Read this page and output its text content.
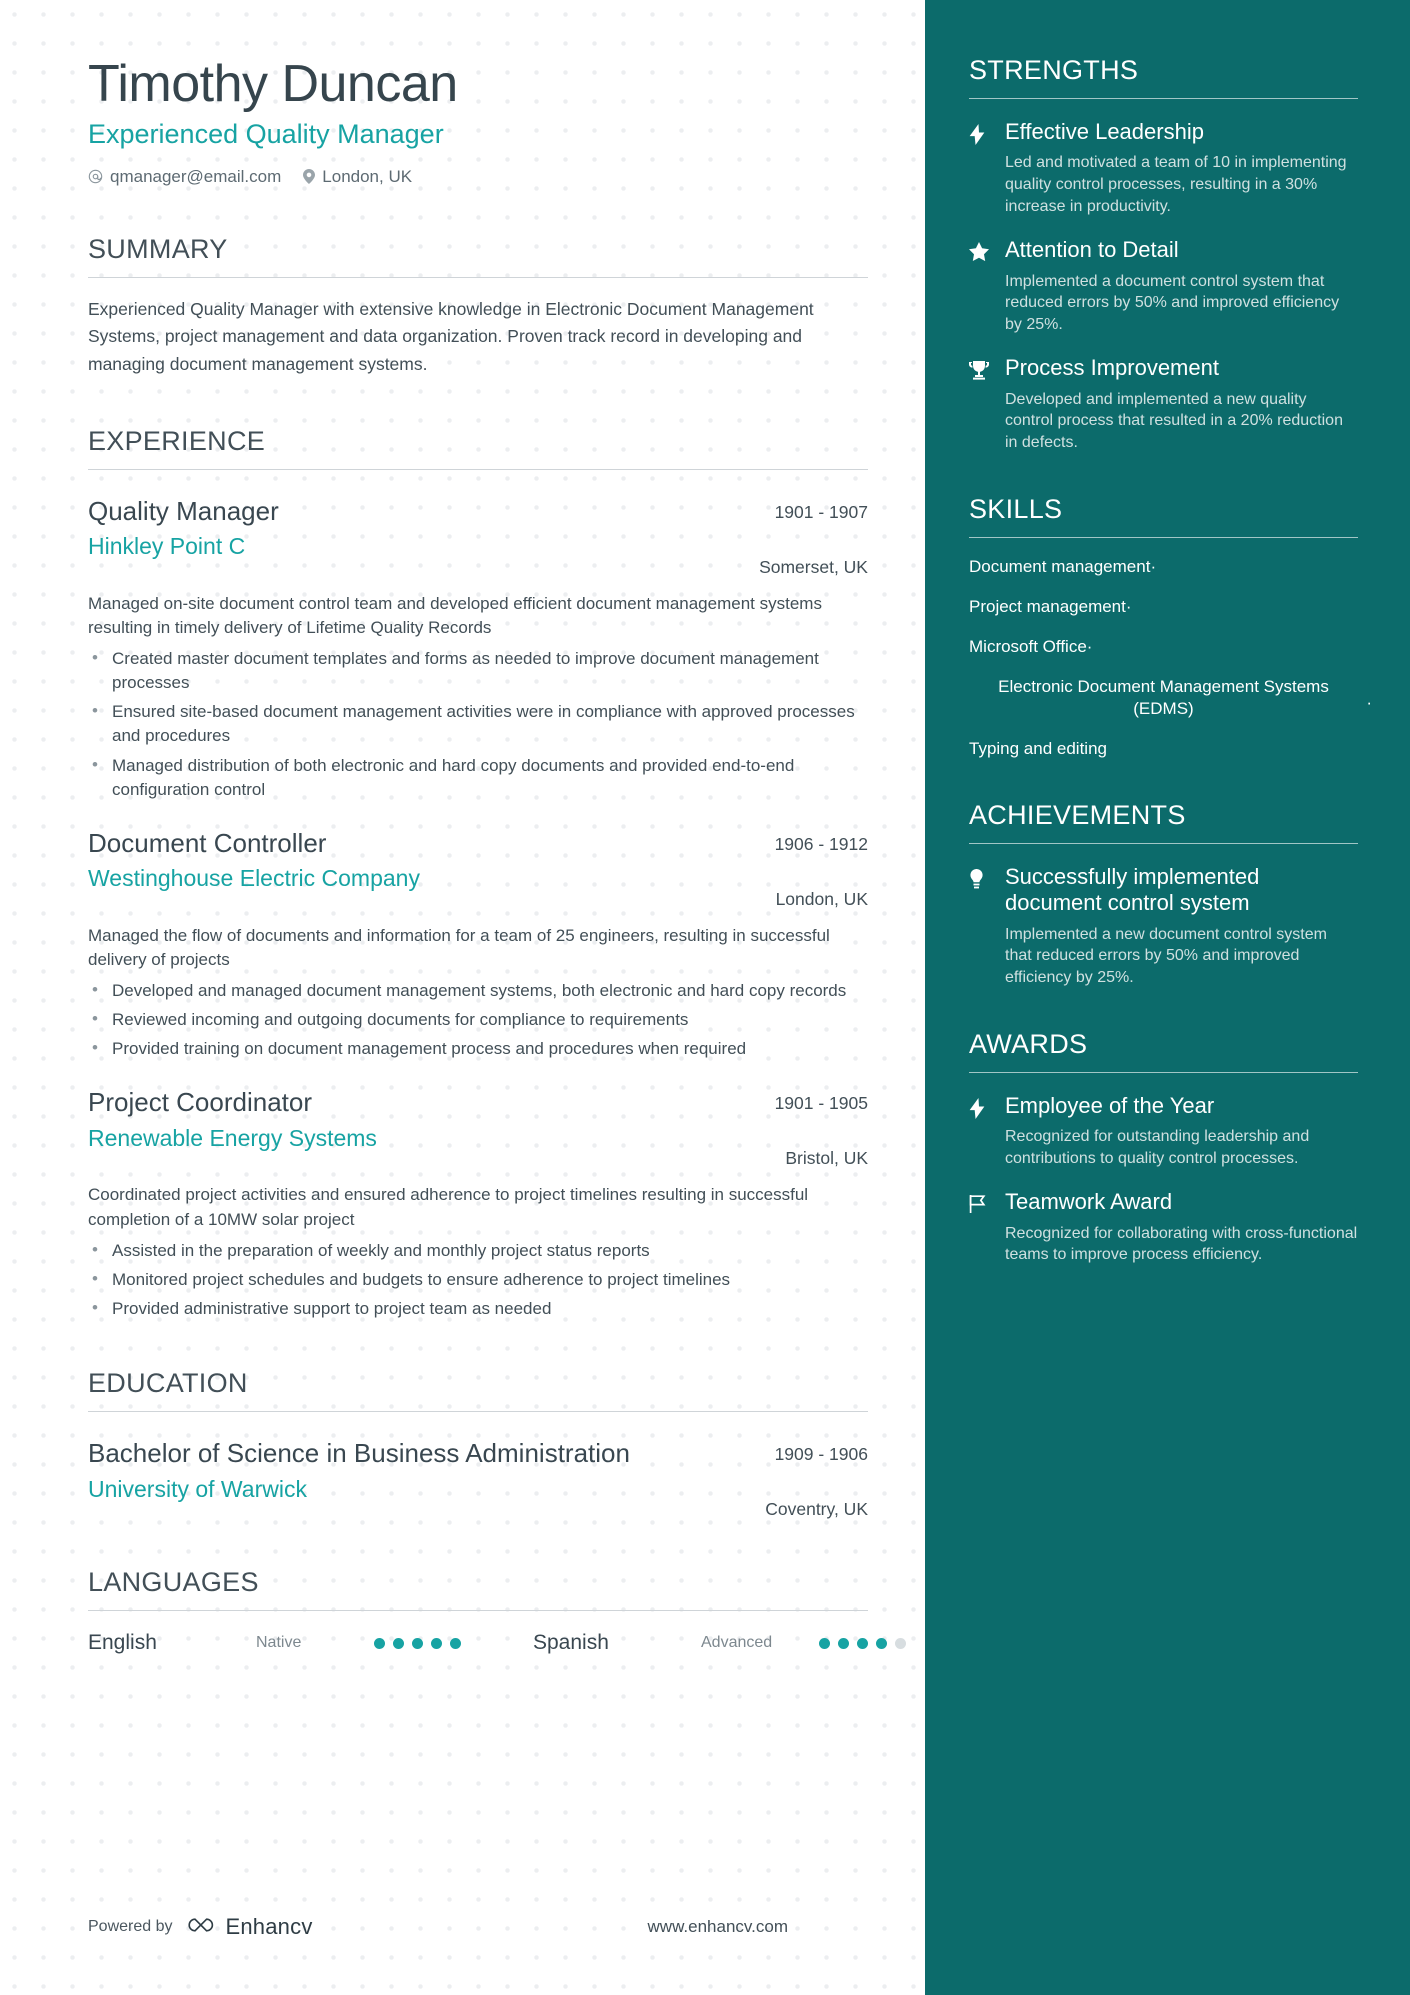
Timothy Duncan
Experienced Quality Manager
qmanager@email.com London, UK
SUMMARY
Experienced Quality Manager with extensive knowledge in Electronic Document Management Systems, project management and data organization. Proven track record in developing and managing document management systems.
EXPERIENCE
Quality Manager
Hinkley Point C
1901 - 1907
Somerset, UK
Managed on-site document control team and developed efficient document management systems resulting in timely delivery of Lifetime Quality Records
• Created master document templates and forms as needed to improve document management processes
• Ensured site-based document management activities were in compliance with approved processes and procedures
• Managed distribution of both electronic and hard copy documents and provided end-to-end configuration control
Document Controller
Westinghouse Electric Company
1906 - 1912
London, UK
Managed the flow of documents and information for a team of 25 engineers, resulting in successful delivery of projects
• Developed and managed document management systems, both electronic and hard copy records
• Reviewed incoming and outgoing documents for compliance to requirements
• Provided training on document management process and procedures when required
Project Coordinator
Renewable Energy Systems
1901 - 1905
Bristol, UK
Coordinated project activities and ensured adherence to project timelines resulting in successful completion of a 10MW solar project
• Assisted in the preparation of weekly and monthly project status reports
• Monitored project schedules and budgets to ensure adherence to project timelines
• Provided administrative support to project team as needed
EDUCATION
Bachelor of Science in Business Administration
University of Warwick
1909 - 1906
Coventry, UK
LANGUAGES
English	Native	Spanish	Advanced
Powered by Enhancv	www.enhancv.com
STRENGTHS
Effective Leadership
Led and motivated a team of 10 in implementing quality control processes, resulting in a 30% increase in productivity.
Attention to Detail
Implemented a document control system that reduced errors by 50% and improved efficiency by 25%.
Process Improvement
Developed and implemented a new quality control process that resulted in a 20% reduction in defects.
SKILLS
Document management·
Project management·
Microsoft Office·
Electronic Document Management Systems (EDMS)	·
Typing and editing
ACHIEVEMENTS
Successfully implemented document control system
Implemented a new document control system that reduced errors by 50% and improved efficiency by 25%.
AWARDS
Employee of the Year
Recognized for outstanding leadership and contributions to quality control processes.
Teamwork Award
Recognized for collaborating with cross-functional teams to improve process efficiency.
